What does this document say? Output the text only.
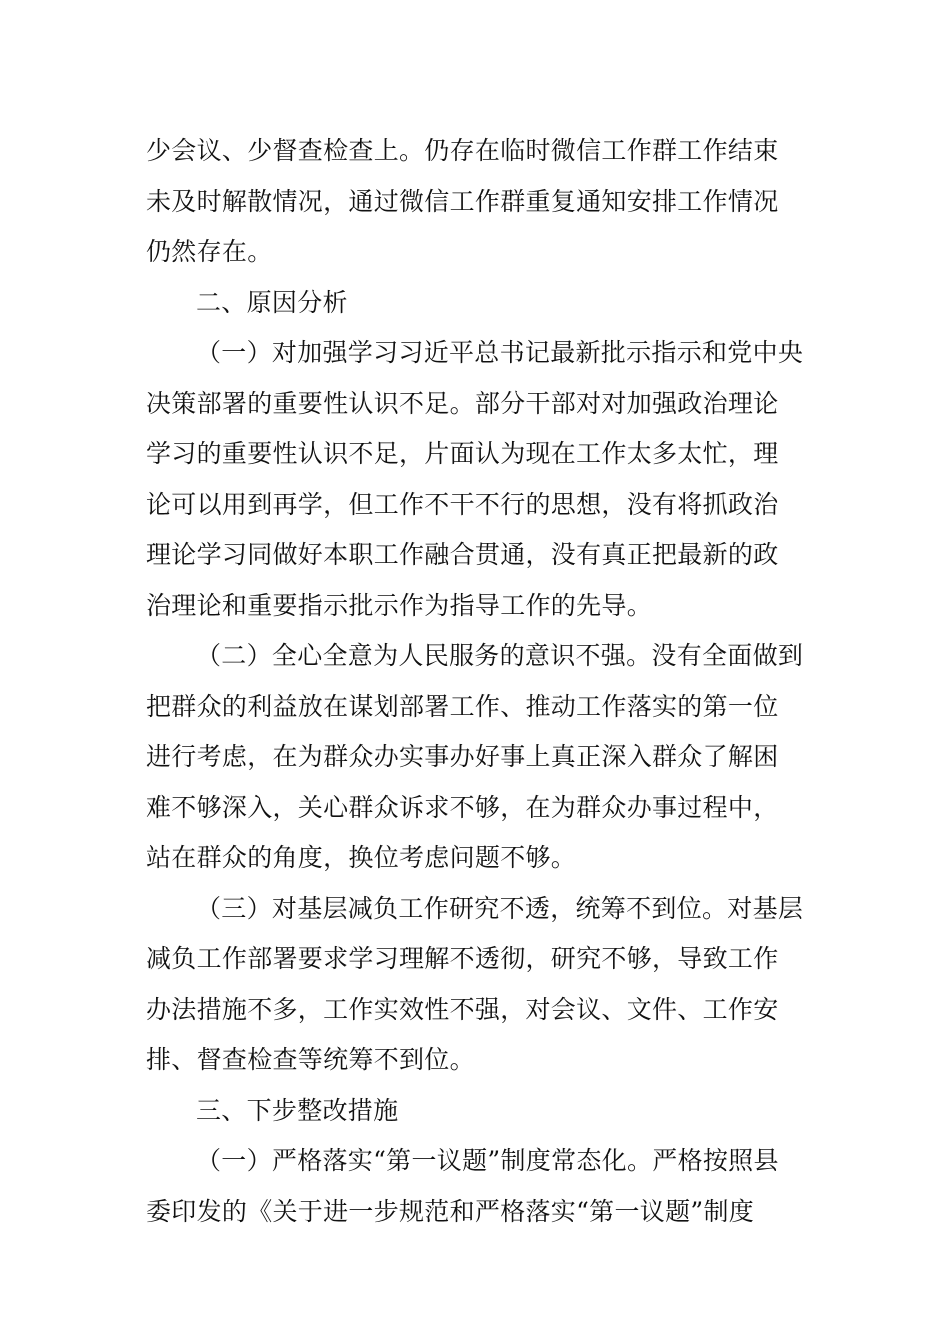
少会议、少督查检查上。仍存在临时微信工作群工作结束
未及时解散情况，通过微信工作群重复通知安排工作情况
仍然存在。
二、原因分析
（一）对加强学习习近平总书记最新批示指示和党中央
决策部署的重要性认识不足。部分干部对对加强政治理论
学习的重要性认识不足，片面认为现在工作太多太忙，理
论可以用到再学，但工作不干不行的思想，没有将抓政治
理论学习同做好本职工作融合贯通，没有真正把最新的政
治理论和重要指示批示作为指导工作的先导。
（二）全心全意为人民服务的意识不强。没有全面做到
把群众的利益放在谋划部署工作、推动工作落实的第一位
进行考虑，在为群众办实事办好事上真正深入群众了解困
难不够深入，关心群众诉求不够，在为群众办事过程中，
站在群众的角度，换位考虑问题不够。
（三）对基层减负工作研究不透，统筹不到位。对基层
减负工作部署要求学习理解不透彻，研究不够，导致工作
办法措施不多，工作实效性不强，对会议、文件、工作安
排、督查检查等统筹不到位。
三、下步整改措施
（一）严格落实“第一议题”制度常态化。严格按照县
委印发的《关于进一步规范和严格落实“第一议题”制度
